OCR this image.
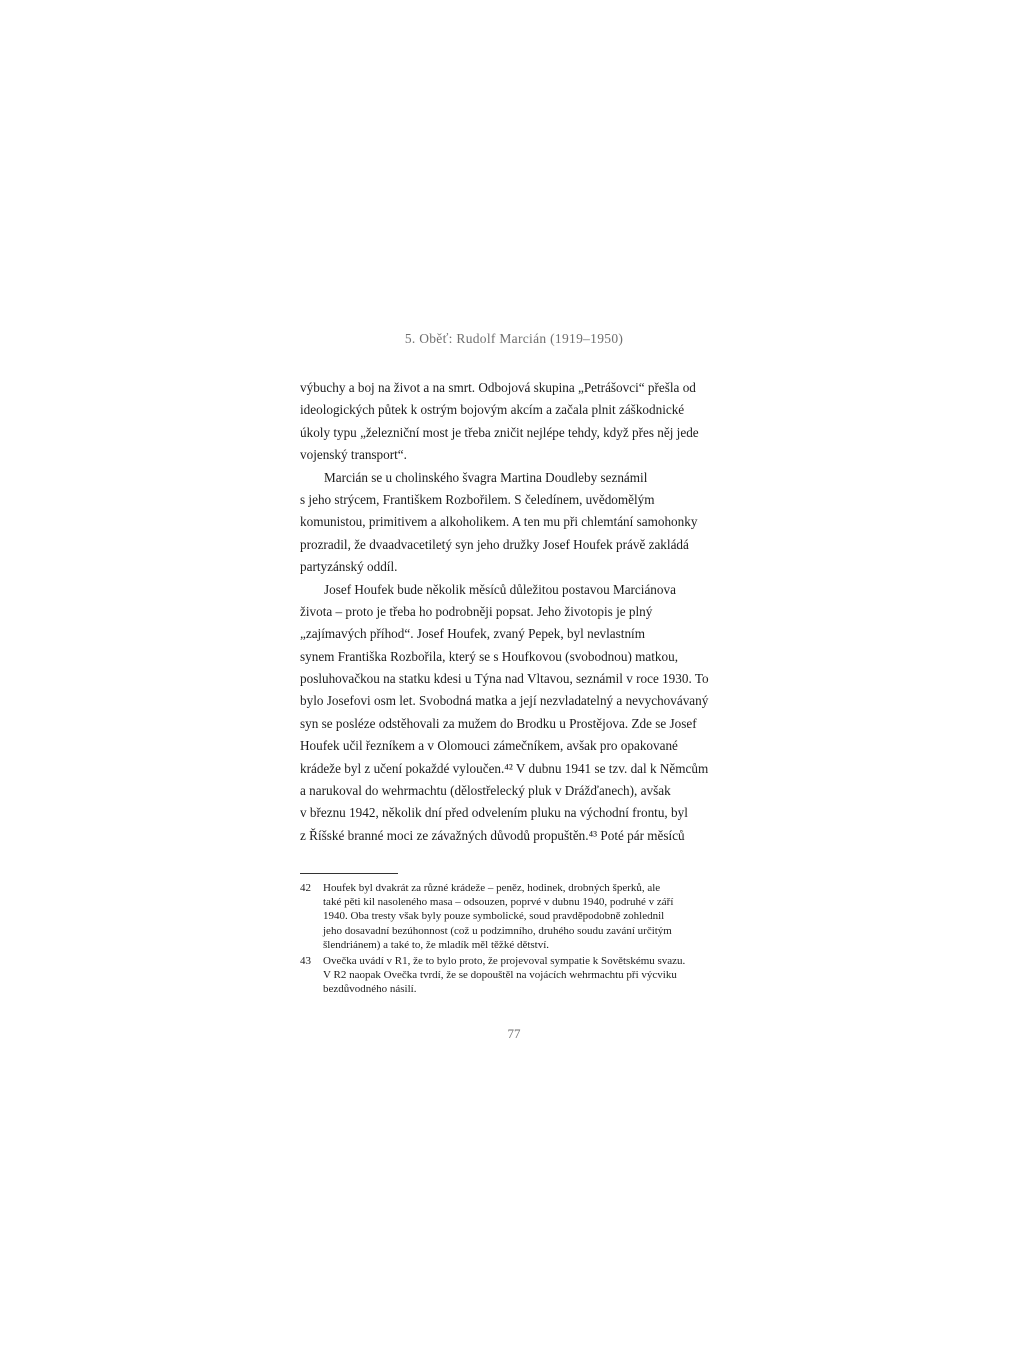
5. Oběť: Rudolf Marcián (1919–1950)
výbuchy a boj na život a na smrt. Odbojová skupina „Petrášovci“ přešla od
ideologických půtek k ostrým bojovým akcím a začala plnit záškodnické
úkoly typu „železniční most je třeba zničit nejlépe tehdy, když přes něj jede
vojenský transport“.
Marcián se u cholinského švagra Martina Doudleby seznámil
s jeho strýcem, Františkem Rozbořilem. S čeledínem, uvědomělým
komunistou, primitivem a alkoholikem. A ten mu při chlemtání samohonky
prozradil, že dvaadvacetiletý syn jeho družky Josef Houfek právě zakládá
partyzánský oddíl.
Josef Houfek bude několik měsíců důležitou postavou Marciánova
života – proto je třeba ho podrobněji popsat. Jeho životopis je plný
„zajímavých příhod“. Josef Houfek, zvaný Pepek, byl nevlastním
synem Františka Rozbořila, který se s Houfkovou (svobodnou) matkou,
posluhovačkou na statku kdesi u Týna nad Vltavou, seznámil v roce 1930. To
bylo Josefovi osm let. Svobodná matka a její nezvladatelný a nevychovávaný
syn se posléze odstěhovali za mužem do Brodku u Prostějova. Zde se Josef
Houfek učil řezníkem a v Olomouci zámečníkem, avšak pro opakované
krádeže byl z učení pokaždé vyloučen.⁴² V dubnu 1941 se tzv. dal k Němcům
a narukoval do wehrmachtu (dělostřelecký pluk v Drážďanech), avšak
v březnu 1942, několik dní před odvelením pluku na východní frontu, byl
z Říšské branné moci ze závažných důvodů propuštěn.⁴³ Poté pár měsíců
42 Houfek byl dvakrát za různé krádeže – peněz, hodinek, drobných šperků, ale
také pěti kil nasoleného masa – odsouzen, poprvé v dubnu 1940, podruhé v září
1940. Oba tresty však byly pouze symbolické, soud pravděpodobně zohlednil
jeho dosavadní bezúhonnost (což u podzimního, druhého soudu zavání určitým
šlendriánem) a také to, že mladík měl těžké dětství.
43 Ovečka uvádí v R1, že to bylo proto, že projevoval sympatie k Sovětskému svazu.
V R2 naopak Ovečka tvrdí, že se dopouštěl na vojácích wehrmachtu při výcviku
bezdůvodného násilí.
77
